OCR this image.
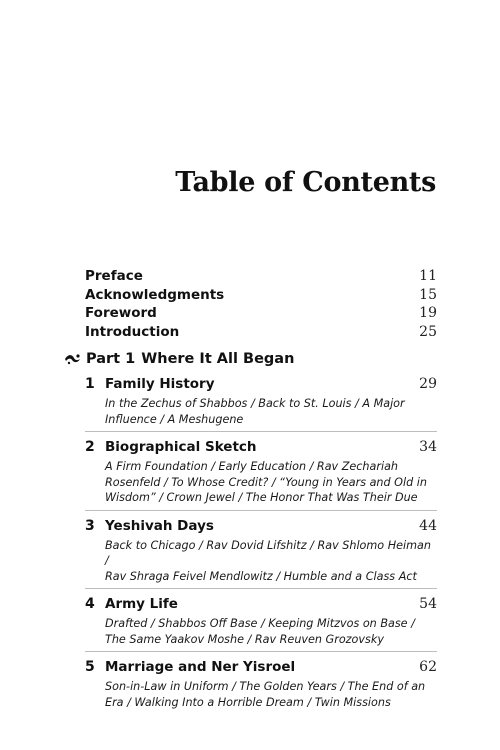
Table of Contents
Preface	11
Acknowledgments	15
Foreword	19
Introduction	25
Part 1 Where It All Began
1 Family History	29
In the Zechus of Shabbos / Back to St. Louis / A Major
Influence / A Meshugene
2 Biographical Sketch	34
A Firm Foundation / Early Education / Rav Zechariah
Rosenfeld / To Whose Credit? / “Young in Years and Old in
Wisdom” / Crown Jewel / The Honor That Was Their Due
3 Yeshivah Days	44
Back to Chicago / Rav Dovid Lifshitz / Rav Shlomo Heiman /
Rav Shraga Feivel Mendlowitz / Humble and a Class Act
4 Army Life	54
Drafted / Shabbos Off Base / Keeping Mitzvos on Base /
The Same Yaakov Moshe / Rav Reuven Grozovsky
5 Marriage and Ner Yisroel	62
Son-in-Law in Uniform / The Golden Years / The End of an
Era / Walking Into a Horrible Dream / Twin Missions
